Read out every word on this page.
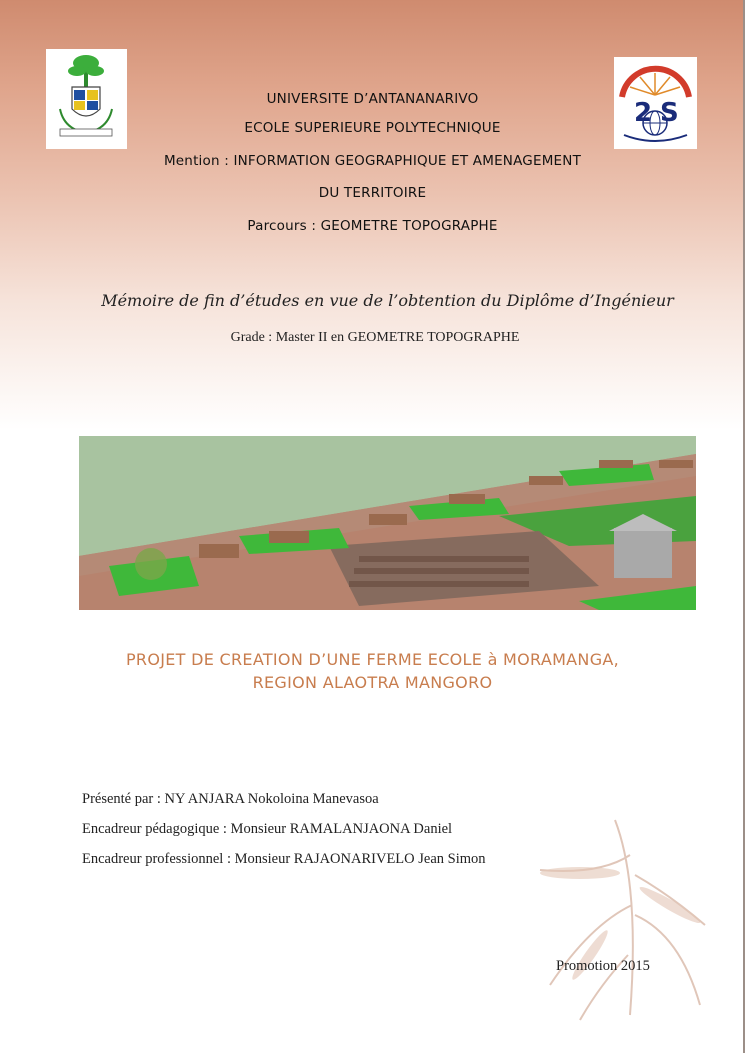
2 S
UNIVERSITE D’ANTANANARIVO
ECOLE SUPERIEURE POLYTECHNIQUE
Mention : INFORMATION GEOGRAPHIQUE ET AMENAGEMENT
DU TERRITOIRE
Parcours : GEOMETRE TOPOGRAPHE
Mémoire de fin d’études en vue de l’obtention du Diplôme d’Ingénieur
Grade : Master II en GEOMETRE TOPOGRAPHE
PROJET DE CREATION D’UNE FERME ECOLE à MORAMANGA,
REGION ALAOTRA MANGORO
Présenté par : NY ANJARA Nokoloina Manevasoa
Encadreur pédagogique : Monsieur RAMALANJAONA Daniel
Encadreur professionnel : Monsieur RAJAONARIVELO Jean Simon
Promotion 2015
